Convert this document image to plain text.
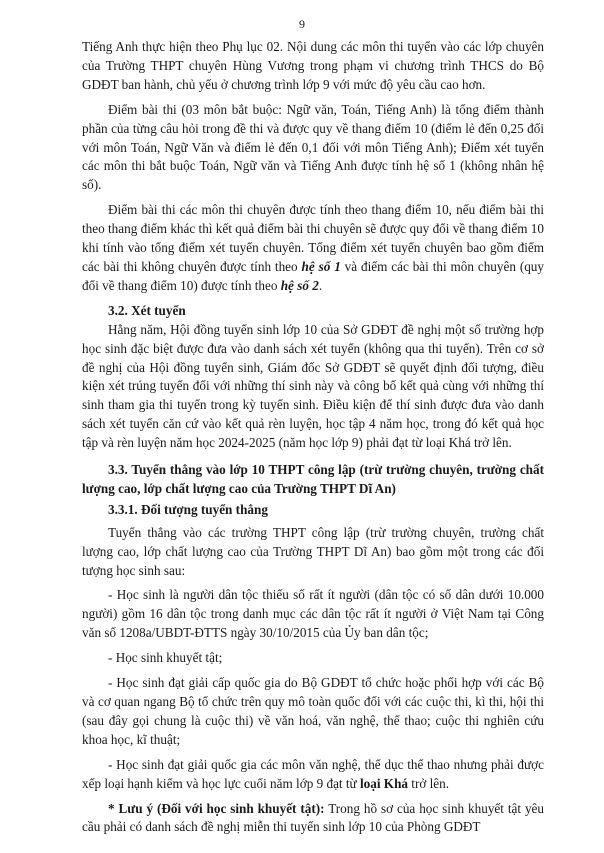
9

Tiếng Anh thực hiện theo Phụ lục 02. Nội dung các môn thi tuyển vào các lớp chuyên của Trường THPT chuyên Hùng Vương trong phạm vi chương trình THCS do Bộ GDĐT ban hành, chủ yếu ở chương trình lớp 9 với mức độ yêu cầu cao hơn.

Điểm bài thi (03 môn bắt buộc: Ngữ văn, Toán, Tiếng Anh) là tổng điểm thành phần của từng câu hỏi trong đề thi và được quy về thang điểm 10 (điểm lẻ đến 0,25 đối với môn Toán, Ngữ Văn và điểm lẻ đến 0,1 đối với môn Tiếng Anh); Điểm xét tuyển các môn thi bắt buộc Toán, Ngữ văn và Tiếng Anh được tính hệ số 1 (không nhân hệ số).

Điểm bài thi các môn thi chuyên được tính theo thang điểm 10, nếu điểm bài thi theo thang điểm khác thì kết quả điểm bài thi chuyên sẽ được quy đổi về thang điểm 10 khi tính vào tổng điểm xét tuyển chuyên. Tổng điểm xét tuyển chuyên bao gồm điểm các bài thi không chuyên được tính theo hệ số 1 và điểm các bài thi môn chuyên (quy đổi về thang điểm 10) được tính theo hệ số 2.

3.2. Xét tuyển

Hằng năm, Hội đồng tuyển sinh lớp 10 của Sở GDĐT đề nghị một số trường hợp học sinh đặc biệt được đưa vào danh sách xét tuyển (không qua thi tuyển). Trên cơ sở đề nghị của Hội đồng tuyển sinh, Giám đốc Sở GDĐT sẽ quyết định đối tượng, điều kiện xét trúng tuyển đối với những thí sinh này và công bố kết quả cùng với những thí sinh tham gia thi tuyển trong kỳ tuyển sinh. Điều kiện để thí sinh được đưa vào danh sách xét tuyển căn cứ vào kết quả rèn luyện, học tập 4 năm học, trong đó kết quả học tập và rèn luyện năm học 2024-2025 (năm học lớp 9) phải đạt từ loại Khá trở lên.

3.3. Tuyển thẳng vào lớp 10 THPT công lập (trừ trường chuyên, trường chất lượng cao, lớp chất lượng cao của Trường THPT Dĩ An)

3.3.1. Đối tượng tuyển thẳng

Tuyển thẳng vào các trường THPT công lập (trừ trường chuyên, trường chất lượng cao, lớp chất lượng cao của Trường THPT Dĩ An) bao gồm một trong các đối tượng học sinh sau:

- Học sinh là người dân tộc thiểu số rất ít người (dân tộc có số dân dưới 10.000 người) gồm 16 dân tộc trong danh mục các dân tộc rất ít người ở Việt Nam tại Công văn số 1208a/UBDT-ĐTTS ngày 30/10/2015 của Ủy ban dân tộc;

- Học sinh khuyết tật;

- Học sinh đạt giải cấp quốc gia do Bộ GDĐT tổ chức hoặc phối hợp với các Bộ và cơ quan ngang Bộ tổ chức trên quy mô toàn quốc đối với các cuộc thi, kì thi, hội thi (sau đây gọi chung là cuộc thi) về văn hoá, văn nghệ, thể thao; cuộc thi nghiên cứu khoa học, kĩ thuật;

- Học sinh đạt giải quốc gia các môn văn nghệ, thể dục thể thao nhưng phải được xếp loại hạnh kiểm và học lực cuối năm lớp 9 đạt từ loại Khá trở lên.

* Lưu ý (Đối với học sinh khuyết tật): Trong hồ sơ của học sinh khuyết tật yêu cầu phải có danh sách đề nghị miễn thi tuyển sinh lớp 10 của Phòng GDĐT
